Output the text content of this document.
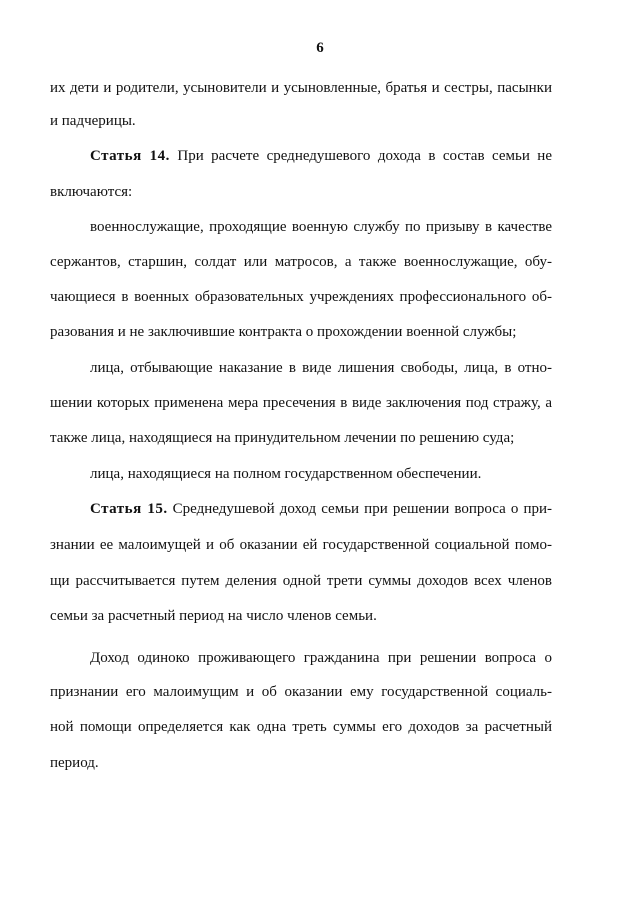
6
их дети и родители, усыновители и усыновленные, братья и сестры, пасынки
и падчерицы.
Статья 14. При расчете среднедушевого дохода в состав семьи не
включаются:
военнослужащие, проходящие военную службу по призыву в качестве
сержантов, старшин, солдат или матросов, а также военнослужащие, обу-
чающиеся в военных образовательных учреждениях профессионального об-
разования и не заключившие контракта о прохождении военной службы;
лица, отбывающие наказание в виде лишения свободы, лица, в отно-
шении которых применена мера пресечения в виде заключения под стражу, а
также лица, находящиеся на принудительном лечении по решению суда;
лица, находящиеся на полном государственном обеспечении.
Статья 15. Среднедушевой доход семьи при решении вопроса о при-
знании ее малоимущей и об оказании ей государственной социальной помо-
щи рассчитывается путем деления одной трети суммы доходов всех членов
семьи за расчетный период на число членов семьи.
Доход одиноко проживающего гражданина при решении вопроса о
признании его малоимущим и об оказании ему государственной социаль-
ной помощи определяется как одна треть суммы его доходов за расчетный
период.
